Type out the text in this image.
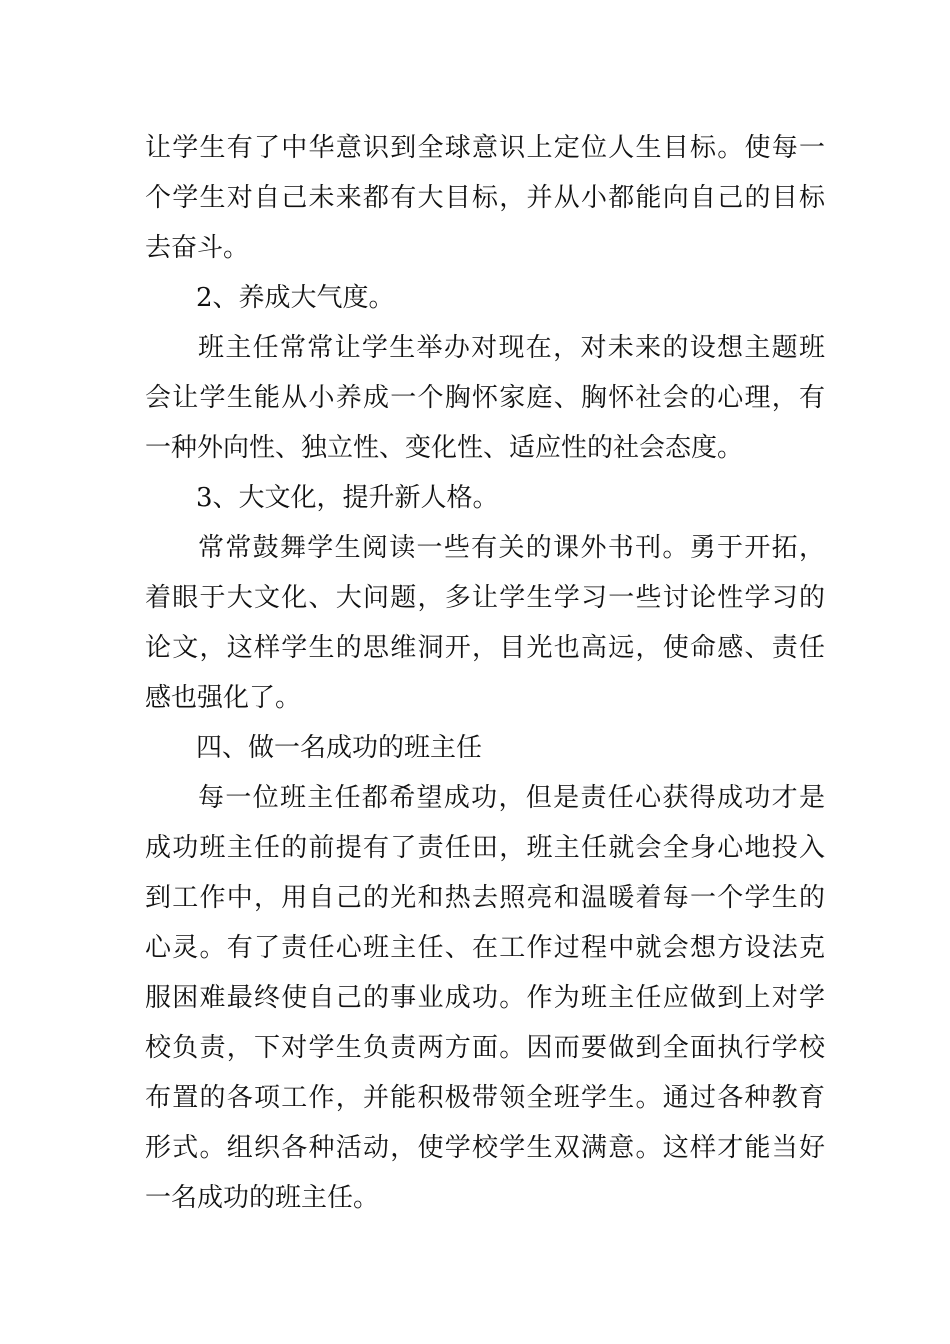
让学生有了中华意识到全球意识上定位人生目标。使每一
个学生对自己未来都有大目标，并从小都能向自己的目标
去奋斗。
2、养成大气度。
班主任常常让学生举办对现在，对未来的设想主题班
会让学生能从小养成一个胸怀家庭、胸怀社会的心理，有
一种外向性、独立性、变化性、适应性的社会态度。
3、大文化，提升新人格。
常常鼓舞学生阅读一些有关的课外书刊。勇于开拓，
着眼于大文化、大问题，多让学生学习一些讨论性学习的
论文，这样学生的思维洞开，目光也高远，使命感、责任
感也强化了。
四、做一名成功的班主任
每一位班主任都希望成功，但是责任心获得成功才是
成功班主任的前提有了责任田，班主任就会全身心地投入
到工作中，用自己的光和热去照亮和温暖着每一个学生的
心灵。有了责任心班主任、在工作过程中就会想方设法克
服困难最终使自己的事业成功。作为班主任应做到上对学
校负责，下对学生负责两方面。因而要做到全面执行学校
布置的各项工作，并能积极带领全班学生。通过各种教育
形式。组织各种活动，使学校学生双满意。这样才能当好
一名成功的班主任。
